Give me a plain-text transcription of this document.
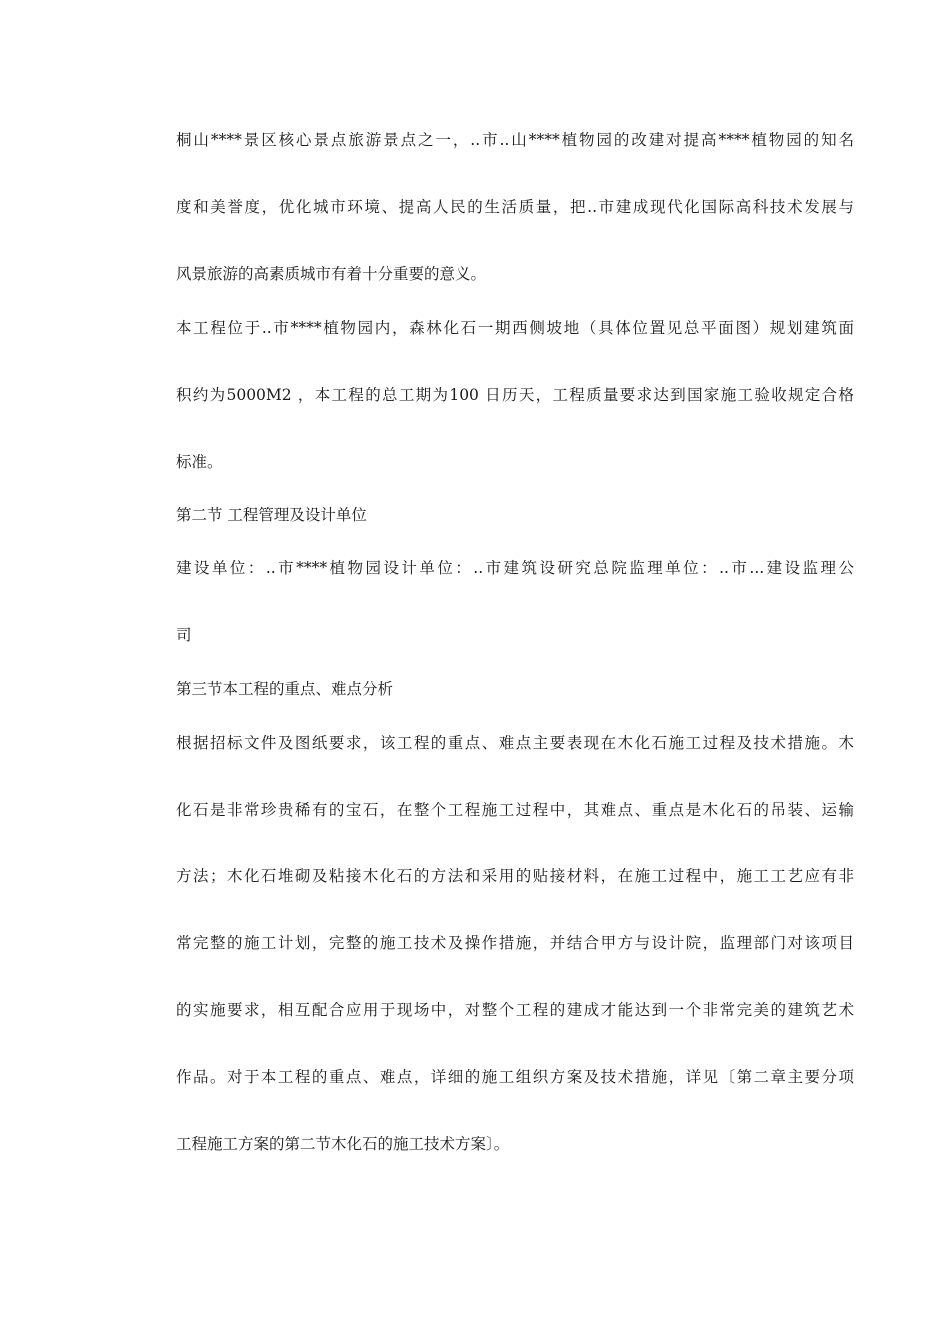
桐山****景区核心景点旅游景点之一，..市..山****植物园的改建对提高****植物园的知名
度和美誉度，优化城市环境、提高人民的生活质量，把..市建成现代化国际高科技术发展与
风景旅游的高素质城市有着十分重要的意义。
本工程位于..市****植物园内，森林化石一期西侧坡地（具体位置见总平面图）规划建筑面
积约为5000M2 ，本工程的总工期为100 日历天，工程质量要求达到国家施工验收规定合格
标准。
第二节 工程管理及设计单位
建设单位：..市****植物园设计单位：..市建筑设研究总院监理单位：..市...建设监理公
司
第三节本工程的重点、难点分析
根据招标文件及图纸要求，该工程的重点、难点主要表现在木化石施工过程及技术措施。木
化石是非常珍贵稀有的宝石，在整个工程施工过程中，其难点、重点是木化石的吊装、运输
方法；木化石堆砌及粘接木化石的方法和采用的贴接材料，在施工过程中，施工工艺应有非
常完整的施工计划，完整的施工技术及操作措施，并结合甲方与设计院，监理部门对该项目
的实施要求，相互配合应用于现场中，对整个工程的建成才能达到一个非常完美的建筑艺术
作品。对于本工程的重点、难点，详细的施工组织方案及技术措施，详见〔第二章主要分项
工程施工方案的第二节木化石的施工技术方案〕。
